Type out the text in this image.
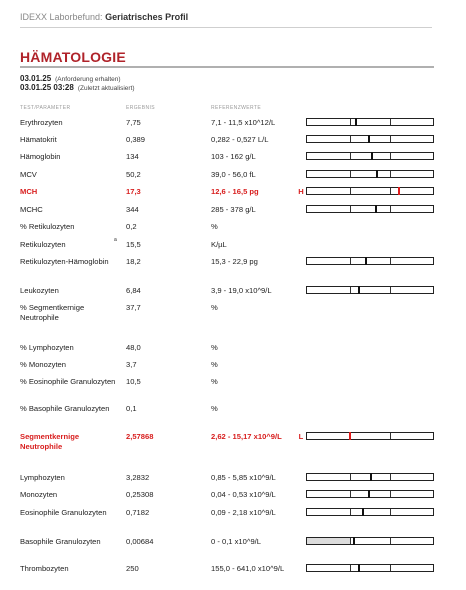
IDEXX Laborbefund: Geriatrisches Profil
HÄMATOLOGIE
03.01.25 (Anforderung erhalten)
03.01.25 03:28 (Zuletzt aktualisiert)
TEST/PARAMETER	ERGEBNIS	REFERENZWERTE
Erythrozyten	7,75	7,1 - 11,5 x10^12/L
Hämatokrit	0,389	0,282 - 0,527 L/L
Hämoglobin	134	103 - 162 g/L
MCV	50,2	39,0 - 56,0 fL
MCH	17,3	12,6 - 16,5 pg	H
MCHC	344	285 - 378 g/L
% Retikulozyten	0,2	%
Retikulozyten	15,5	K/µL
a
Retikulozyten-Hämoglobin	18,2	15,3 - 22,9 pg
Leukozyten	6,84	3,9 - 19,0 x10^9/L
% Segmentkernige Neutrophile
37,7	%
% Lymphozyten	48,0	%
% Monozyten	3,7	%
% Eosinophile Granulozyten	10,5	%
% Basophile Granulozyten	0,1	%
Segmentkernige Neutrophile
2,57868	2,62 - 15,17 x10^9/L	L
Lymphozyten	3,2832	0,85 - 5,85 x10^9/L
Monozyten	0,25308	0,04 - 0,53 x10^9/L
Eosinophile Granulozyten	0,7182	0,09 - 2,18 x10^9/L
Basophile Granulozyten	0,00684	0 - 0,1 x10^9/L
Thrombozyten	250	155,0 - 641,0 x10^9/L
